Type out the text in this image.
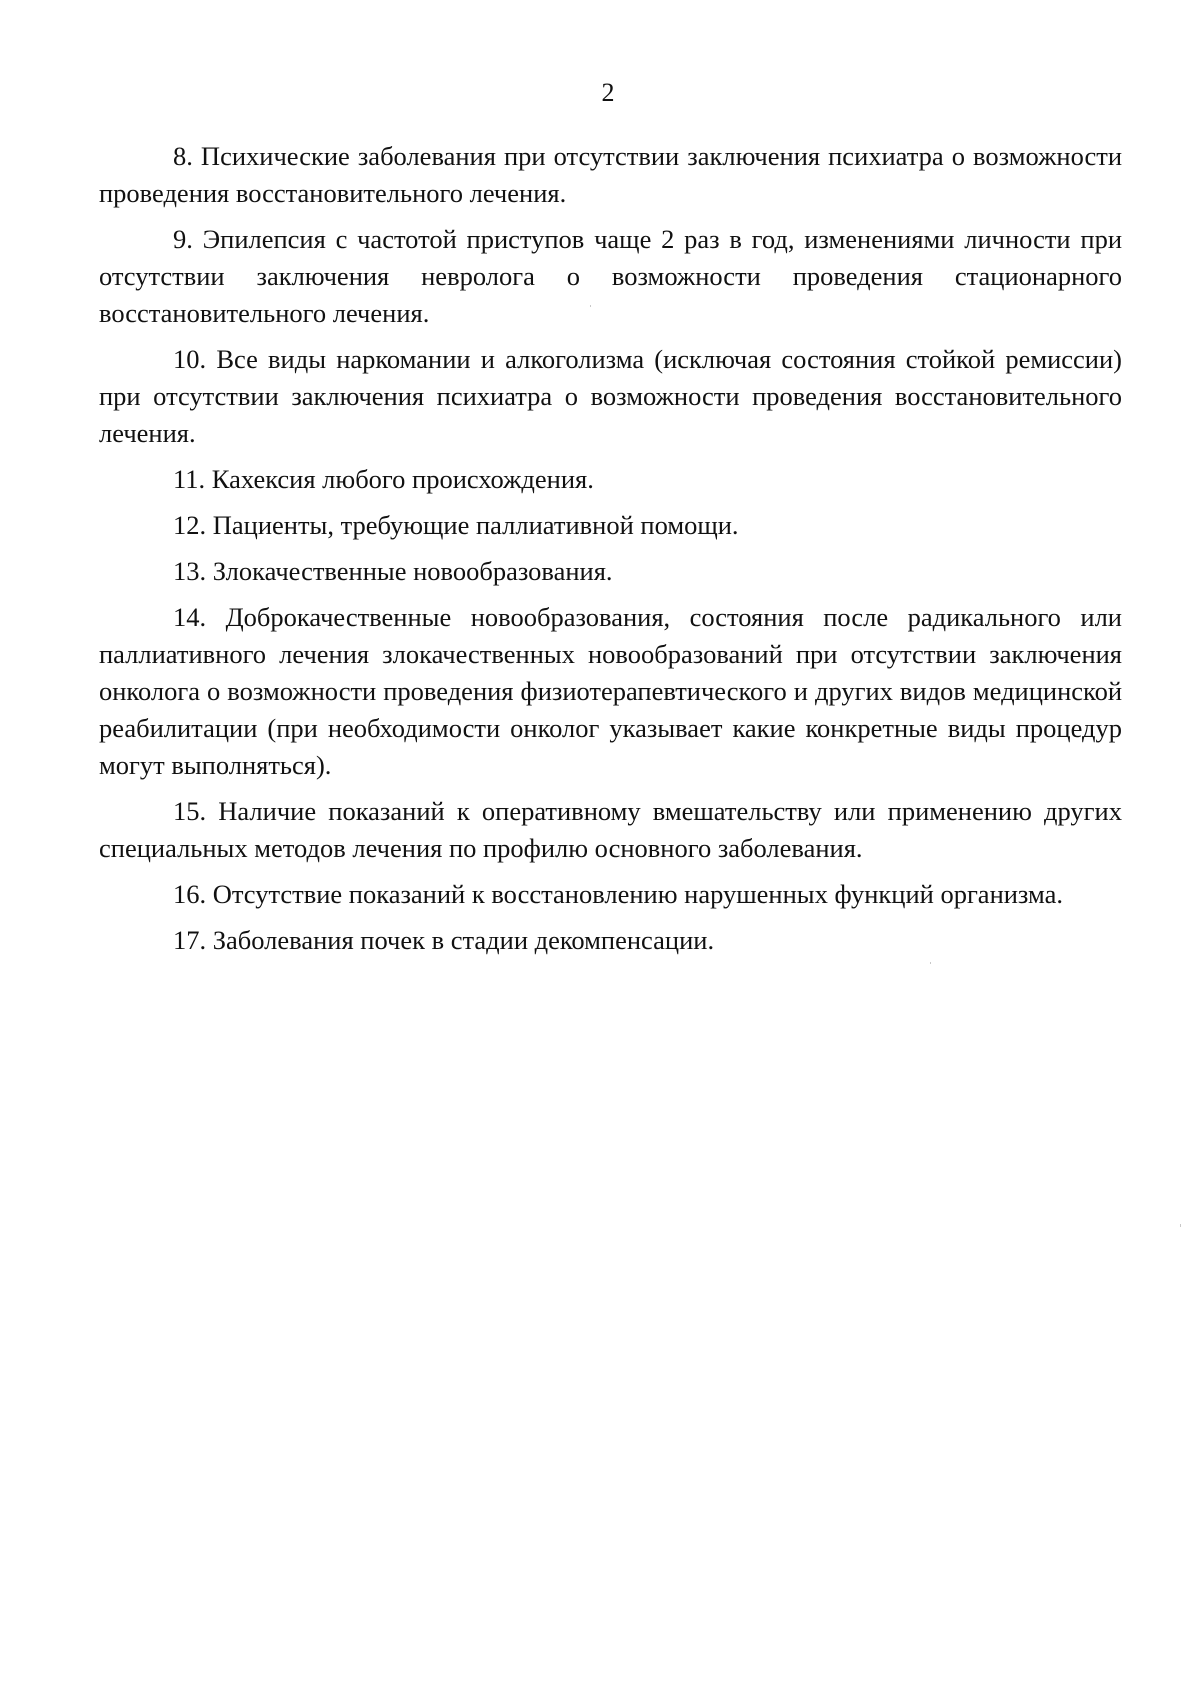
2

8. Психические заболевания при отсутствии заключения психиатра о возможности проведения восстановительного лечения.

9. Эпилепсия с частотой приступов чаще 2 раз в год, изменениями личности при отсутствии заключения невролога о возможности проведения стационарного восстановительного лечения.

10. Все виды наркомании и алкоголизма (исключая состояния стойкой ремиссии) при отсутствии заключения психиатра о возможности проведения восстановительного лечения.

11. Кахексия любого происхождения.

12. Пациенты, требующие паллиативной помощи.

13. Злокачественные новообразования.

14. Доброкачественные новообразования, состояния после радикального или паллиативного лечения злокачественных новообразований при отсутствии заключения онколога о возможности проведения физиотерапевтического и других видов медицинской реабилитации (при необходимости онколог указывает какие конкретные виды процедур могут выполняться).

15. Наличие показаний к оперативному вмешательству или применению других специальных методов лечения по профилю основного заболевания.

16. Отсутствие показаний к восстановлению нарушенных функций организма.

17. Заболевания почек в стадии декомпенсации.
